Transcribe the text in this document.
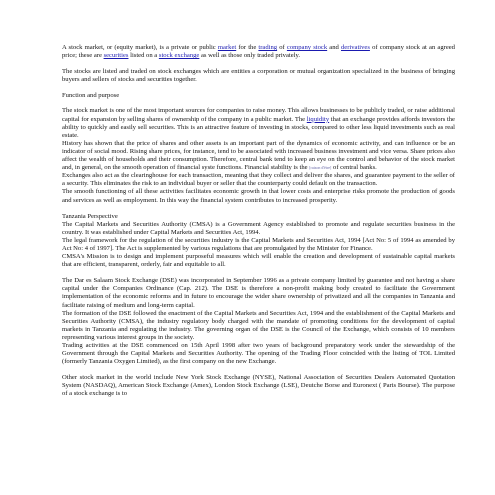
A stock market, or (equity market), is a private or public market for the trading of company stock and derivatives of company stock at an agreed price; these are securities listed on a stock exchange as well as those only traded privately.

The stocks are listed and traded on stock exchanges which are entities a corporation or mutual organization specialized in the business of bringing buyers and sellers of stocks and securities together.

Function and purpose

The stock market is one of the most important sources for companies to raise money. This allows businesses to be publicly traded, or raise additional capital for expansion by selling shares of ownership of the company in a public market. The liquidity that an exchange provides affords investors the ability to quickly and easily sell securities. This is an attractive feature of investing in stocks, compared to other less liquid investments such as real estate.

History has shown that the price of shares and other assets is an important part of the dynamics of economic activity, and can influence or be an indicator of social mood. Rising share prices, for instance, tend to be associated with increased business investment and vice versa. Share prices also affect the wealth of households and their consumption. Therefore, central bank tend to keep an eye on the control and behavior of the stock market and, in general, on the smooth operation of financial syste functions. Financial stability is the [raison d'être] of central banks.

Exchanges also act as the clearinghouse for each transaction, meaning that they collect and deliver the shares, and guarantee payment to the seller of a security. This eliminates the risk to an individual buyer or seller that the counterparty could default on the transaction.

The smooth functioning of all these activities facilitates economic growth in that lower costs and enterprise risks promote the production of goods and services as well as employment. In this way the financial system contributes to increased prosperity.

Tanzania Perspective

The Capital Markets and Securities Authority (CMSA) is a Government Agency established to promote and regulate securities business in the country. It was established under Capital Markets and Securities Act, 1994.

The legal framework for the regulation of the securities industry is the Capital Markets and Securities Act, 1994 [Act No: 5 of 1994 as amended by Act No: 4 of 1997]. The Act is supplemented by various regulations that are promulgated by the Minister for Finance.

CMSA's Mission is to design and implement purposeful measures which will enable the creation and development of sustainable capital markets that are efficient, transparent, orderly, fair and equitable to all.

The Dar es Salaam Stock Exchange (DSE) was incorporated in September 1996 as a private company limited by guarantee and not having a share capital under the Companies Ordinance (Cap. 212). The DSE is therefore a non-profit making body created to facilitate the Government implementation of the economic reforms and in future to encourage the wider share ownership of privatized and all the companies in Tanzania and facilitate raising of medium and long-term capital.

The formation of the DSE followed the enactment of the Capital Markets and Securities Act, 1994 and the establishment of the Capital Markets and Securities Authority (CMSA), the industry regulatory body charged with the mandate of promoting conditions for the development of capital markets in Tanzania and regulating the industry. The governing organ of the DSE is the Council of the Exchange, which consists of 10 members representing various interest groups in the society.

Trading activities at the DSE commenced on 15th April 1998 after two years of background preparatory work under the stewardship of the Government through the Capital Markets and Securities Authority. The opening of the Trading Floor coincided with the listing of TOL Limited (formerly Tanzania Oxygen Limited), as the first company on the new Exchange.

Other stock market in the world include New York Stock Exchange (NYSE), National Association of Securities Dealers Automated Quotation System (NASDAQ), American Stock Exchange (Amex), London Stock Exchange (LSE), Deutche Borse and Euronext ( Paris Bourse). The purpose of a stock exchange is to
